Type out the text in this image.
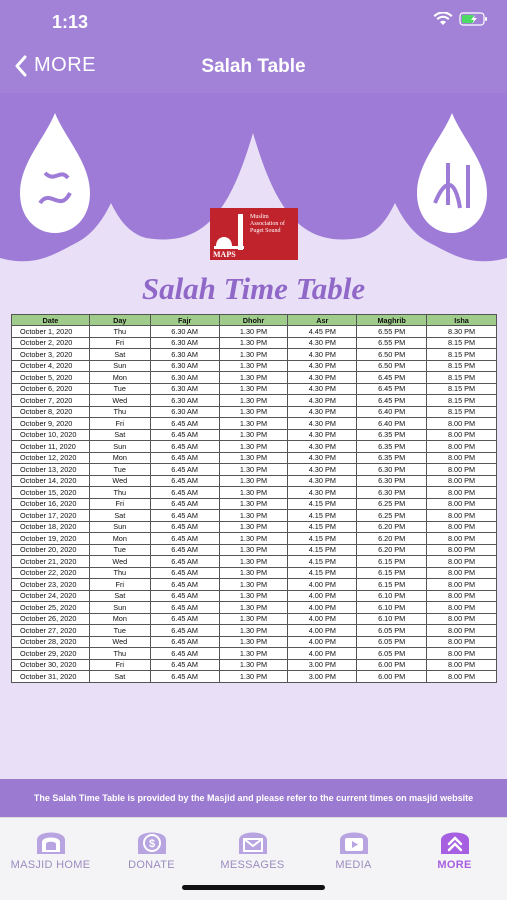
1:13
MORE	Salah Table
MAPS
Muslim Association of Puget Sound
Salah Time Table
Date	Day	Fajr	Dhohr	Asr	Maghrib	Isha
October 1, 2020	Thu	6.30 AM	1.30 PM	4.45 PM	6.55 PM	8.30 PM
October 2, 2020	Fri	6.30 AM	1.30 PM	4.30 PM	6.55 PM	8.15 PM
October 3, 2020	Sat	6.30 AM	1.30 PM	4.30 PM	6.50 PM	8.15 PM
October 4, 2020	Sun	6.30 AM	1.30 PM	4.30 PM	6.50 PM	8.15 PM
October 5, 2020	Mon	6.30 AM	1.30 PM	4.30 PM	6.45 PM	8.15 PM
October 6, 2020	Tue	6.30 AM	1.30 PM	4.30 PM	6.45 PM	8.15 PM
October 7, 2020	Wed	6.30 AM	1.30 PM	4.30 PM	6.45 PM	8.15 PM
October 8, 2020	Thu	6.30 AM	1.30 PM	4.30 PM	6.40 PM	8.15 PM
October 9, 2020	Fri	6.45 AM	1.30 PM	4.30 PM	6.40 PM	8.00 PM
October 10, 2020	Sat	6.45 AM	1.30 PM	4.30 PM	6.35 PM	8.00 PM
October 11, 2020	Sun	6.45 AM	1.30 PM	4.30 PM	6.35 PM	8.00 PM
October 12, 2020	Mon	6.45 AM	1.30 PM	4.30 PM	6.35 PM	8.00 PM
October 13, 2020	Tue	6.45 AM	1.30 PM	4.30 PM	6.30 PM	8.00 PM
October 14, 2020	Wed	6.45 AM	1.30 PM	4.30 PM	6.30 PM	8.00 PM
October 15, 2020	Thu	6.45 AM	1.30 PM	4.30 PM	6.30 PM	8.00 PM
October 16, 2020	Fri	6.45 AM	1.30 PM	4.15 PM	6.25 PM	8.00 PM
October 17, 2020	Sat	6.45 AM	1.30 PM	4.15 PM	6.25 PM	8.00 PM
October 18, 2020	Sun	6.45 AM	1.30 PM	4.15 PM	6.20 PM	8.00 PM
October 19, 2020	Mon	6.45 AM	1.30 PM	4.15 PM	6.20 PM	8.00 PM
October 20, 2020	Tue	6.45 AM	1.30 PM	4.15 PM	6.20 PM	8.00 PM
October 21, 2020	Wed	6.45 AM	1.30 PM	4.15 PM	6.15 PM	8.00 PM
October 22, 2020	Thu	6.45 AM	1.30 PM	4.15 PM	6.15 PM	8.00 PM
October 23, 2020	Fri	6.45 AM	1.30 PM	4.00 PM	6.15 PM	8.00 PM
October 24, 2020	Sat	6.45 AM	1.30 PM	4.00 PM	6.10 PM	8.00 PM
October 25, 2020	Sun	6.45 AM	1.30 PM	4.00 PM	6.10 PM	8.00 PM
October 26, 2020	Mon	6.45 AM	1.30 PM	4.00 PM	6.10 PM	8.00 PM
October 27, 2020	Tue	6.45 AM	1.30 PM	4.00 PM	6.05 PM	8.00 PM
October 28, 2020	Wed	6.45 AM	1.30 PM	4.00 PM	6.05 PM	8.00 PM
October 29, 2020	Thu	6.45 AM	1.30 PM	4.00 PM	6.05 PM	8.00 PM
October 30, 2020	Fri	6.45 AM	1.30 PM	3.00 PM	6.00 PM	8.00 PM
October 31, 2020	Sat	6.45 AM	1.30 PM	3.00 PM	6.00 PM	8.00 PM
The Salah Time Table is provided by the Masjid and please refer to the current times on masjid website
MASJID HOME
$
DONATE	MESSAGES	MEDIA	MORE
